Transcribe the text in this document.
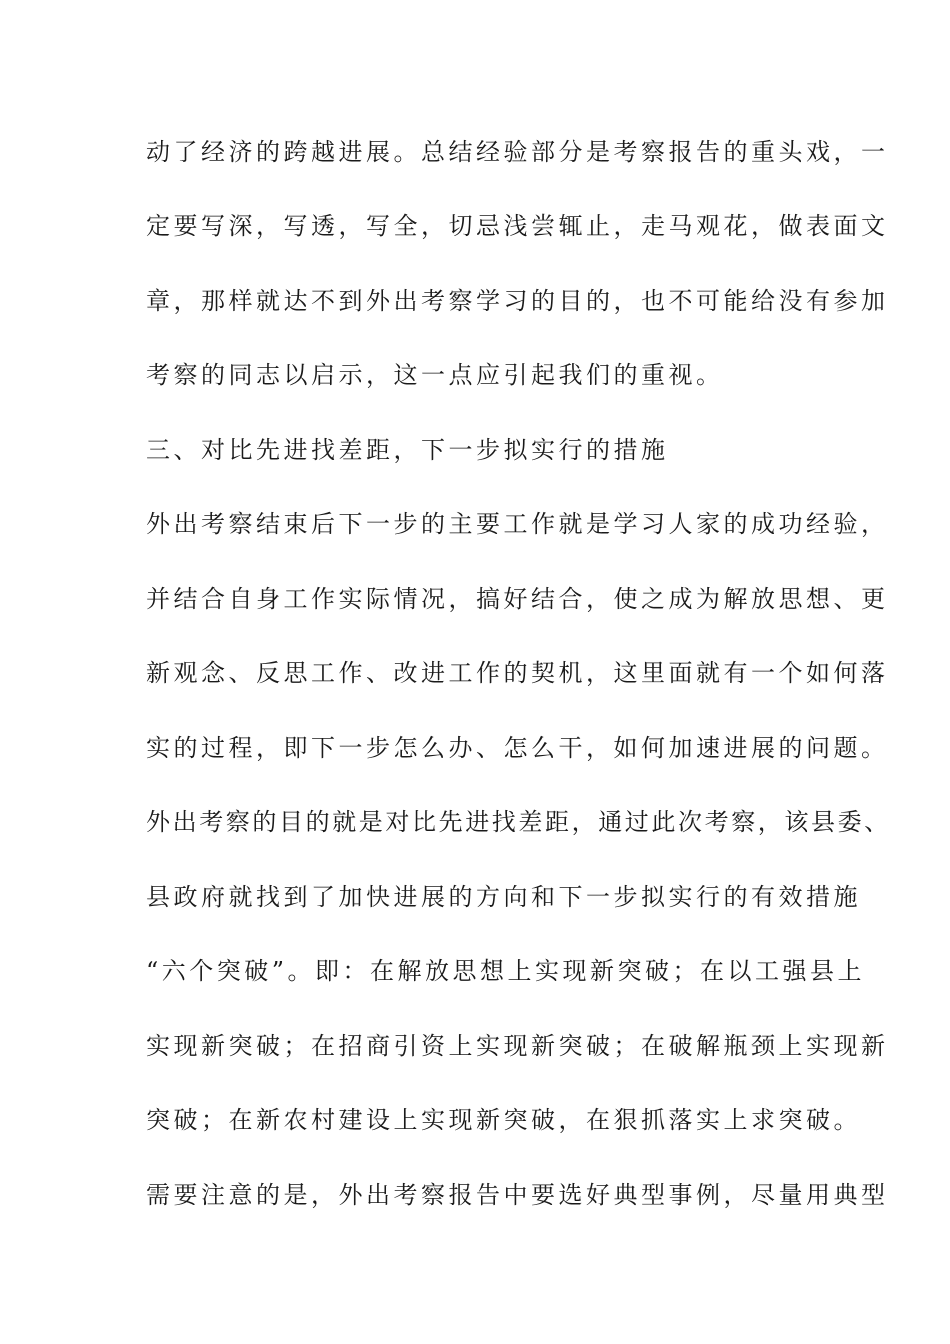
动了经济的跨越进展。总结经验部分是考察报告的重头戏，一

定要写深，写透，写全，切忌浅尝辄止，走马观花，做表面文

章，那样就达不到外出考察学习的目的，也不可能给没有参加

考察的同志以启示，这一点应引起我们的重视。

三、对比先进找差距，下一步拟实行的措施

外出考察结束后下一步的主要工作就是学习人家的成功经验，

并结合自身工作实际情况，搞好结合，使之成为解放思想、更

新观念、反思工作、改进工作的契机，这里面就有一个如何落

实的过程，即下一步怎么办、怎么干，如何加速进展的问题。

外出考察的目的就是对比先进找差距，通过此次考察，该县委、

县政府就找到了加快进展的方向和下一步拟实行的有效措施

“六个突破”。即：在解放思想上实现新突破；在以工强县上

实现新突破；在招商引资上实现新突破；在破解瓶颈上实现新

突破；在新农村建设上实现新突破，在狠抓落实上求突破。

需要注意的是，外出考察报告中要选好典型事例，尽量用典型
